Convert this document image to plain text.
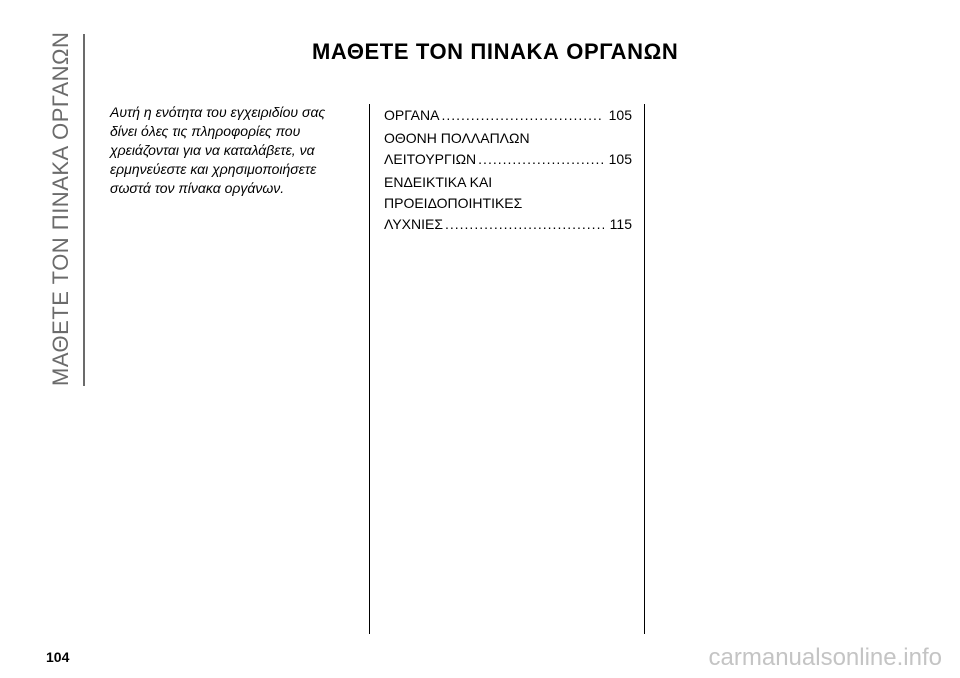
ΜΑΘΕΤΕ ΤΟΝ ΠΙΝΑΚΑ ΟΡΓΑΝΩΝ	ΜΑΘΕΤΕ ΤΟΝ ΠΙΝΑΚΑ ΟΡΓΑΝΩΝ
Αυτή η ενότητα του εγχειριδίου σας
δίνει όλες τις πληροφορίες που
χρειάζονται για να καταλάβετε, να
ερμηνεύεστε και χρησιμοποιήσετε
σωστά τον πίνακα οργάνων.
ΟΡΓΑΝΑ .....	105
ΟΘΟΝΗ ΠΟΛΛΑΠΛΩΝ
ΛΕΙΤΟΥΡΓΙΩΝ .....	105
ΕΝΔΕΙΚΤΙΚΑ ΚΑΙ
ΠΡΟΕΙΔΟΠΟΙΗΤΙΚΕΣ
ΛΥΧΝΙΕΣ .....	115
104	carmanualsonline.info
